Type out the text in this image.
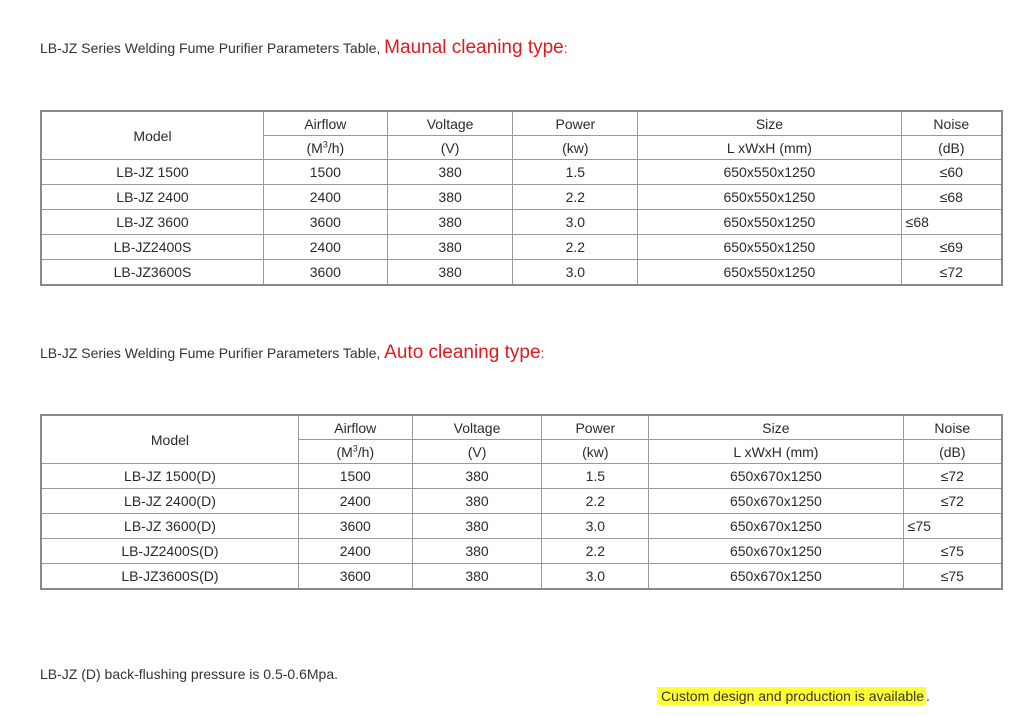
LB-JZ Series Welding Fume Purifier Parameters Table, Maunal cleaning type:
Model	Airflow	Voltage	Power	Size	Noise
	$(M^3/h)$	(V)	(kw)	L xWxH (mm)	(dB)
LB-JZ 1500	1500	380	1.5	650x550x1250	≤60
LB-JZ 2400	2400	380	2.2	650x550x1250	≤68
LB-JZ 3600	3600	380	3.0	650x550x1250	≤68
LB-JZ2400S	2400	380	2.2	650x550x1250	≤69
LB-JZ3600S	3600	380	3.0	650x550x1250	≤72
LB-JZ Series Welding Fume Purifier Parameters Table, Auto cleaning type:
Model	Airflow	Voltage	Power	Size	Noise
	$(M^3/h)$	(V)	(kw)	L xWxH (mm)	(dB)
LB-JZ 1500(D)	1500	380	1.5	650x670x1250	≤72
LB-JZ 2400(D)	2400	380	2.2	650x670x1250	≤72
LB-JZ 3600(D)	3600	380	3.0	650x670x1250	≤75
LB-JZ2400S(D)	2400	380	2.2	650x670x1250	≤75
LB-JZ3600S(D)	3600	380	3.0	650x670x1250	≤75
LB-JZ (D) back-flushing pressure is 0.5-0.6Mpa.
Custom design and production is available .
